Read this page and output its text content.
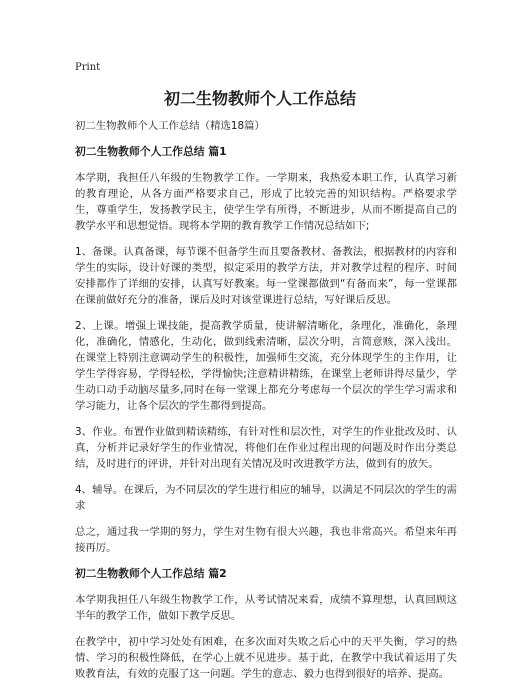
Print
初二生物教师个人工作总结

初二生物教师个人工作总结（精选18篇）

初二生物教师个人工作总结 篇1

本学期，我担任八年级的生物教学工作。一学期来，我热爱本职工作，认真学习新的教育理论，从各方面严格要求自己，形成了比较完善的知识结构。严格要求学生，尊重学生，发扬教学民主，使学生学有所得，不断进步，从而不断提高自己的教学水平和思想觉悟。现将本学期的教育教学工作情况总结如下;

1、备课。认真备课，每节课不但备学生而且要备教材、备教法，根据教材的内容和学生的实际，设计好课的类型，拟定采用的教学方法，并对教学过程的程序、时间安排都作了详细的安排，认真写好教案。每一堂课都做到“有备而来”，每一堂课都在课前做好充分的准备，课后及时对该堂课进行总结，写好课后反思。

2、上课。增强上课技能，提高教学质量，使讲解清晰化，条理化，准确化，条理化，准确化，情感化，生动化，做到线索清晰，层次分明，言简意赅，深入浅出。在课堂上特别注意调动学生的积极性，加强师生交流，充分体现学生的主作用，让学生学得容易，学得轻松，学得愉快;注意精讲精练，在课堂上老师讲得尽量少，学生动口动手动脑尽量多,同时在每一堂课上都充分考虑每一个层次的学生学习需求和学习能力，让各个层次的学生都得到提高。

3、作业。布置作业做到精读精练，有针对性和层次性，对学生的作业批改及时、认真，分析并记录好学生的作业情况，将他们在作业过程出现的问题及时作出分类总结，及时进行的评讲，并针对出现有关情况及时改进教学方法，做到有的放矢。

4、辅导。在课后，为不同层次的学生进行相应的辅导，以满足不同层次的学生的需求

总之，通过我一学期的努力，学生对生物有很大兴趣，我也非常高兴。希望来年再接再厉。

初二生物教师个人工作总结 篇2

本学期我担任八年级生物教学工作，从考试情况来看，成绩不算理想，认真回顾这半年的教学工作，做如下教学反思。

在教学中，初中学习处处有困难，在多次面对失败之后心中的天平失衡，学习的热情、学习的积极性降低，在学心上就不见进步。基于此，在教学中我试着运用了失败教育法，有效的克服了这一问题。学生的意志、毅力也得到很好的培养、提高。
